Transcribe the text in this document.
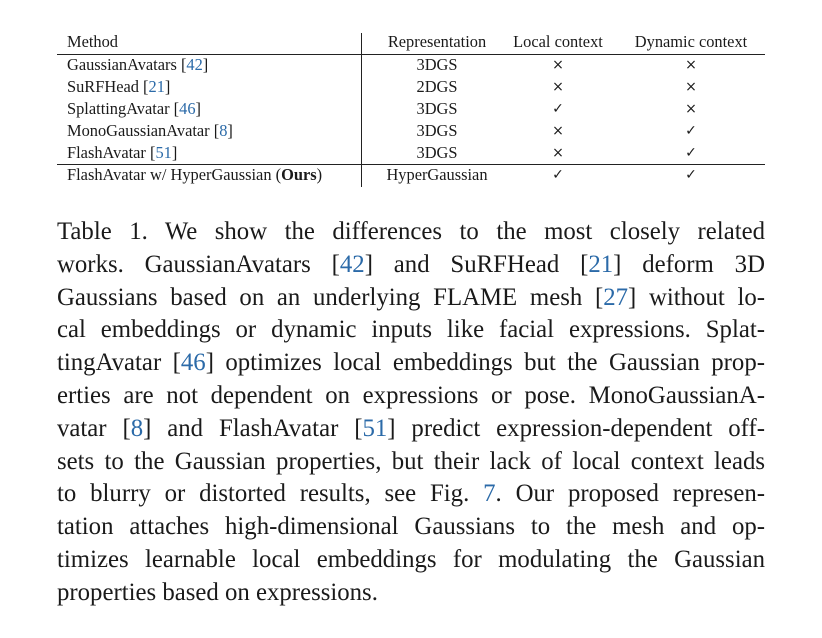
Method	Representation	Local context	Dynamic context
GaussianAvatars [42]	3DGS	×	×
SuRFHead [21]	2DGS	×	×
SplattingAvatar [46]	3DGS	✓	×
MonoGaussianAvatar [8]	3DGS	×	✓
FlashAvatar [51]	3DGS	×	✓
FlashAvatar w/ HyperGaussian (Ours)	HyperGaussian	✓	✓
Table 1. We show the differences to the most closely related
works. GaussianAvatars [42] and SuRFHead [21] deform 3D
Gaussians based on an underlying FLAME mesh [27] without lo-
cal embeddings or dynamic inputs like facial expressions. Splat-
tingAvatar [46] optimizes local embeddings but the Gaussian prop-
erties are not dependent on expressions or pose. MonoGaussianA-
vatar [8] and FlashAvatar [51] predict expression-dependent off-
sets to the Gaussian properties, but their lack of local context leads
to blurry or distorted results, see Fig. 7. Our proposed represen-
tation attaches high-dimensional Gaussians to the mesh and op-
timizes learnable local embeddings for modulating the Gaussian
properties based on expressions.
